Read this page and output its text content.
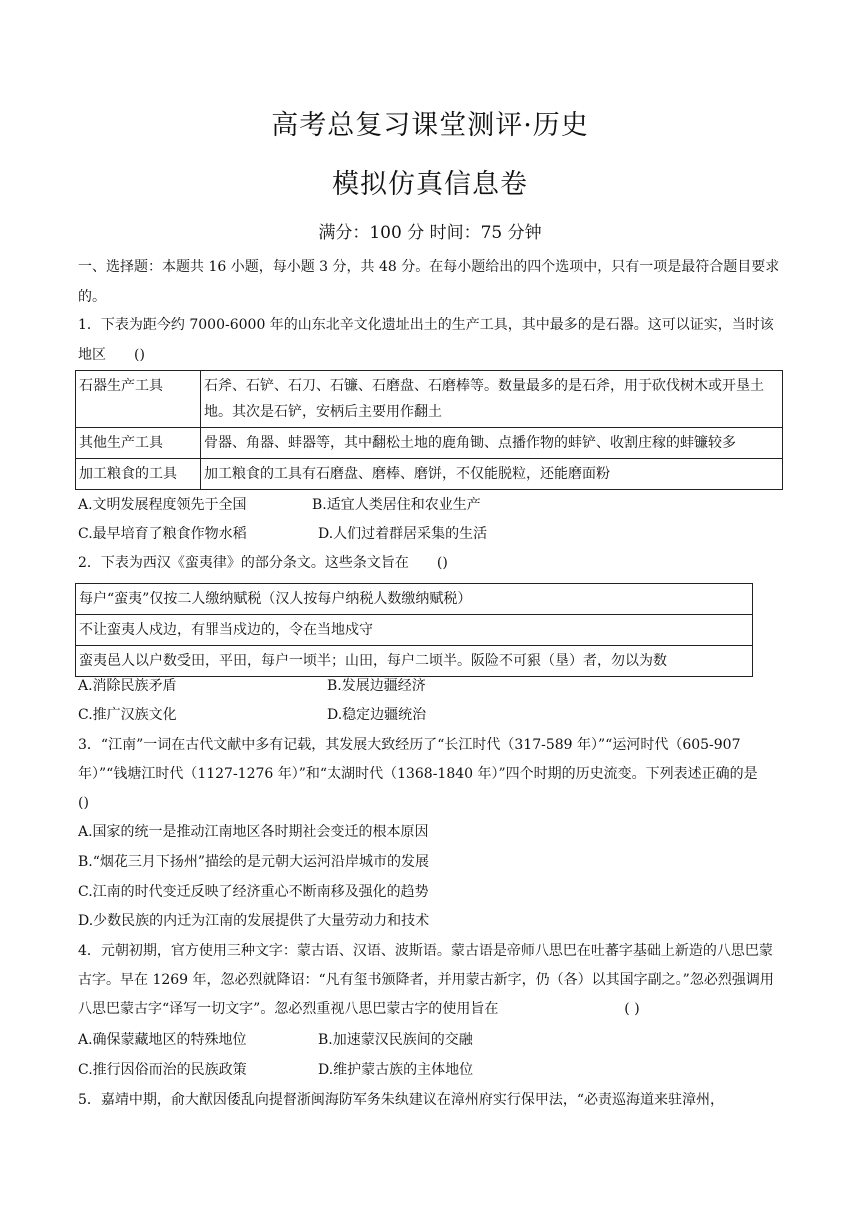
高考总复习课堂测评·历史
模拟仿真信息卷
满分：100 分 时间：75 分钟
一、选择题：本题共 16 小题，每小题 3 分，共 48 分。在每小题给出的四个选项中，只有一项是最符合题目要求的。
1．下表为距今约 7000-6000 年的山东北辛文化遗址出土的生产工具，其中最多的是石器。这可以证实，当时该地区　　()
石器生产工具	石斧、石铲、石刀、石镰、石磨盘、石磨棒等。数量最多的是石斧，用于砍伐树木或开垦土地。其次是石铲，安柄后主要用作翻土
其他生产工具	骨器、角器、蚌器等，其中翻松土地的鹿角锄、点播作物的蚌铲、收割庄稼的蚌镰较多
加工粮食的工具	加工粮食的工具有石磨盘、磨棒、磨饼，不仅能脱粒，还能磨面粉
A.文明发展程度领先于全国	B.适宜人类居住和农业生产
C.最早培育了粮食作物水稻	D.人们过着群居采集的生活
2．下表为西汉《蛮夷律》的部分条文。这些条文旨在　　()
每户“蛮夷”仅按二人缴纳赋税（汉人按每户纳税人数缴纳赋税）
不让蛮夷人戍边，有罪当戍边的，令在当地戍守
蛮夷邑人以户数受田，平田，每户一顷半；山田，每户二顷半。阪险不可豤（垦）者，勿以为数
A.消除民族矛盾	B.发展边疆经济
C.推广汉族文化	D.稳定边疆统治
3．“江南”一词在古代文献中多有记载，其发展大致经历了“长江时代（317-589 年）”“运河时代（605-907 年）”“钱塘江时代（1127-1276 年）”和“太湖时代（1368-1840 年）”四个时期的历史流变。下列表述正确的是　　　　　　()
A.国家的统一是推动江南地区各时期社会变迁的根本原因
B.“烟花三月下扬州”描绘的是元朝大运河沿岸城市的发展
C.江南的时代变迁反映了经济重心不断南移及强化的趋势
D.少数民族的内迁为江南的发展提供了大量劳动力和技术
4．元朝初期，官方使用三种文字：蒙古语、汉语、波斯语。蒙古语是帝师八思巴在吐蕃字基础上新造的八思巴蒙古字。早在 1269 年，忽必烈就降诏：“凡有玺书颁降者，并用蒙古新字，仍（各）以其国字副之。”忽必烈强调用八思巴蒙古字“译写一切文字”。忽必烈重视八思巴蒙古字的使用旨在　　　　　　　　　( )
A.确保蒙藏地区的特殊地位	B.加速蒙汉民族间的交融
C.推行因俗而治的民族政策	D.维护蒙古族的主体地位
5．嘉靖中期，俞大猷因倭乱向提督浙闽海防军务朱纨建议在漳州府实行保甲法，“必责巡海道来驻漳州，
